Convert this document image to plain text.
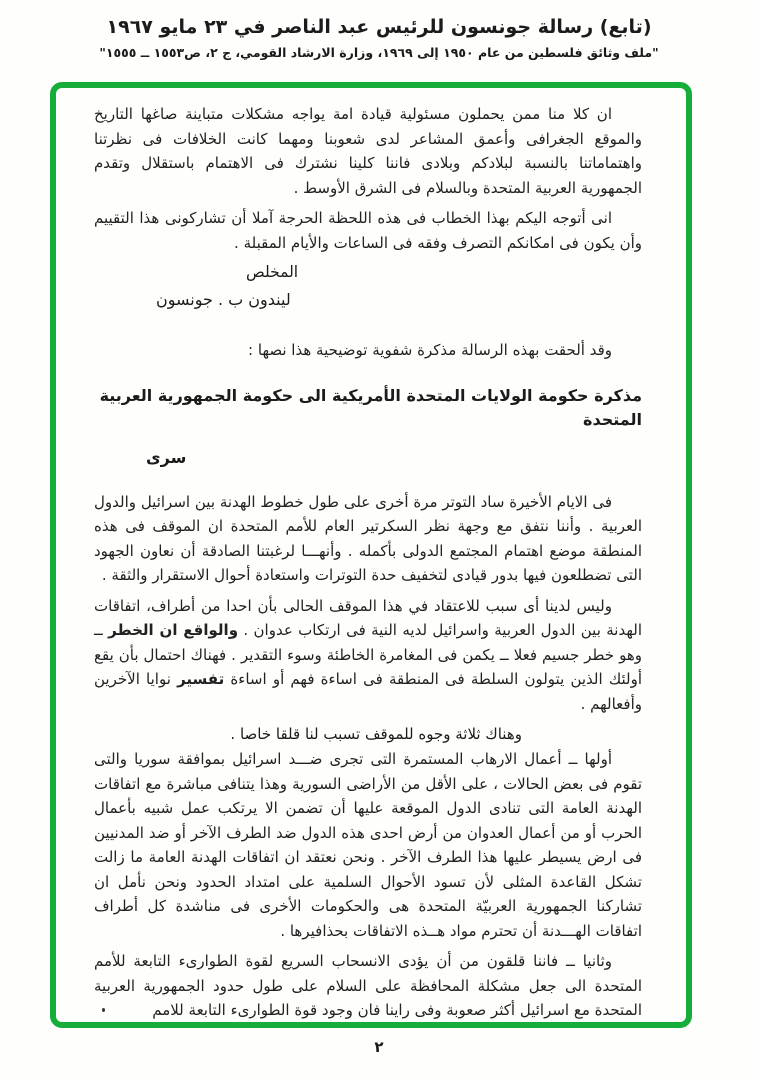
(تابع) رسالة جونسون للرئيس عبد الناصر في ٢٣ مايو ١٩٦٧
"ملف وثائق فلسطين من عام ١٩٥٠ إلى ١٩٦٩، وزارة الارشاد القومي، ج ٢، ص١٥٥٣ ــ ١٥٥٥"

ان كلا منا ممن يحملون مسئولية قيادة امة يواجه مشكلات متباينة صاغها التاريخ والموقع الجغرافى وأعمق المشاعر لدى شعوبنا ومهما كانت الخلافات فى نظرتنا واهتماماتنا بالنسبة لبلادكم وبلادى فاننا كلينا نشترك فى الاهتمام باستقلال وتقدم الجمهورية العربية المتحدة وبالسلام فى الشرق الأوسط .

انى أتوجه اليكم بهذا الخطاب فى هذه اللحظة الحرجة آملا أن تشاركونى هذا التقييم وأن يكون فى امكانكم التصرف وفقه فى الساعات والأيام المقبلة .

المخلص
ليندون ب . جونسون

وقد ألحقت بهذه الرسالة مذكرة شفوية توضيحية هذا نصها :

مذكرة حكومة الولايات المتحدة الأمريكية الى حكومة الجمهورية العربية المتحدة
سرى

فى الايام الأخيرة ساد التوتر مرة أخرى على طول خطوط الهدنة بين اسرائيل والدول العربية . وأننا نتفق مع وجهة نظر السكرتير العام للأمم المتحدة ان الموقف فى هذه المنطقة موضع اهتمام المجتمع الدولى بأكمله . وأنهـــا لرغبتنا الصادقة أن نعاون الجهود التى تضطلعون فيها بدور قيادى لتخفيف حدة التوترات واستعادة أحوال الاستقرار والثقة .

وليس لدينا أى سبب للاعتقاد في هذا الموقف الحالى بأن احدا من أطراف، اتفاقات الهدنة بين الدول العربية واسرائيل لديه النية فى ارتكاب عدوان . والواقع ان الخطر ــ وهو خطر جسيم فعلا ــ يكمن فى المغامرة الخاطئة وسوء التقدير . فهناك احتمال بأن يقع أولئك الذين يتولون السلطة فى المنطقة فى اساءة فهم أو اساءة تفسير نوايا الآخرين وأفعالهم .

وهناك ثلاثة وجوه للموقف تسبب لنا قلقا خاصا .

أولها ــ أعمال الارهاب المستمرة التى تجرى ضـــد اسرائيل بموافقة سوريا والتى تقوم فى بعض الحالات ، على الأقل من الأراضى السورية وهذا يتنافى مباشرة مع اتفاقات الهدنة العامة التى تنادى الدول الموقعة عليها أن تضمن الا يرتكب عمل شبيه بأعمال الحرب أو من أعمال العدوان من أرض احدى هذه الدول ضد الطرف الآخر أو ضد المدنيين فى ارض يسيطر عليها هذا الطرف الآخر . ونحن نعتقد ان اتفاقات الهدنة العامة ما زالت تشكل القاعدة المثلى لأن تسود الأحوال السلمية على امتداد الحدود ونحن نأمل ان تشاركنا الجمهورية العربيّة المتحدة هى والحكومات الأخرى فى مناشدة كل أطراف اتفاقات الهـــدنة أن تحترم مواد هــذه الاتفاقات بحذافيرها .

وثانيا ــ فاننا قلقون من أن يؤدى الانسحاب السريع لقوة الطوارىء التابعة للأمم المتحدة الى جعل مشكلة المحافظة على السلام على طول حدود الجمهورية العربية المتحدة مع اسرائيل أكثر صعوبة وفى راينا فان وجود قوة الطوارىء التابعة للامم

٢
